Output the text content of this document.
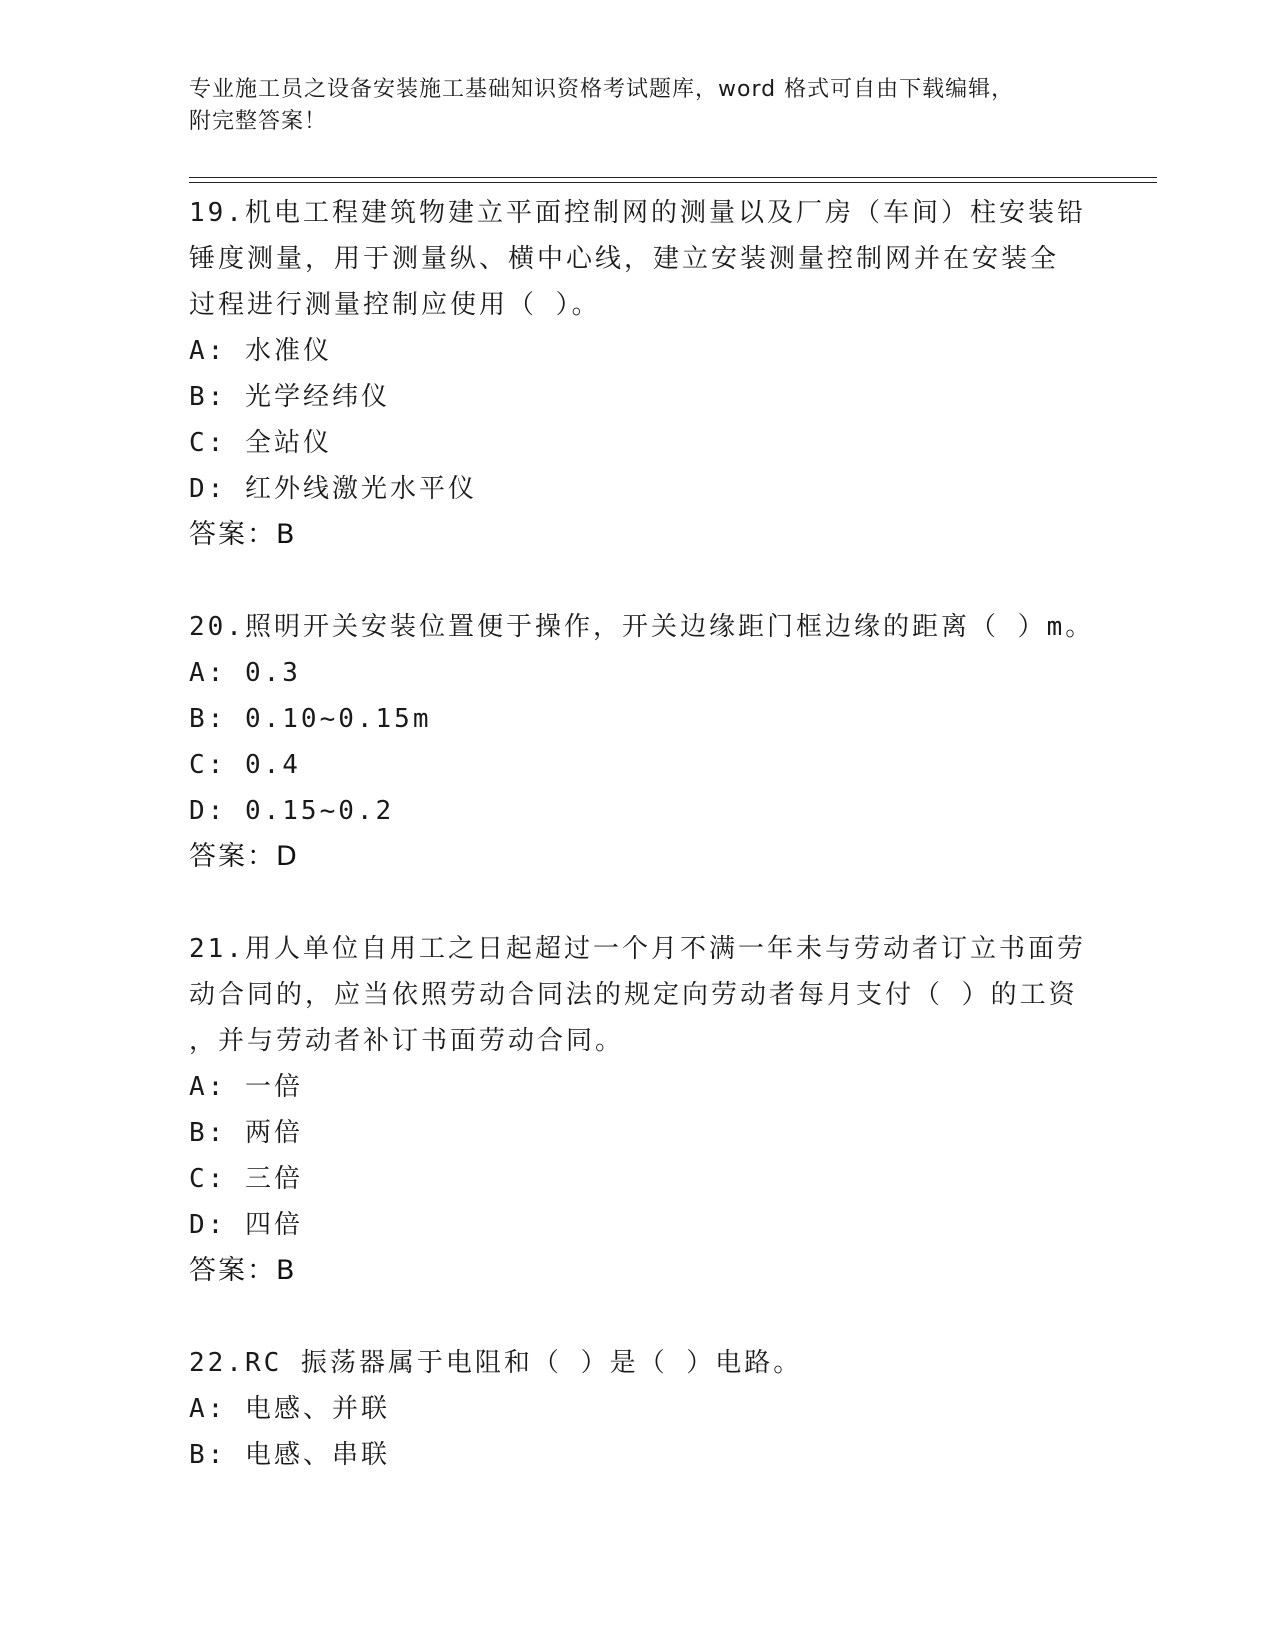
专业施工员之设备安装施工基础知识资格考试题库，word 格式可自由下载编辑，
附完整答案！
19.机电工程建筑物建立平面控制网的测量以及厂房（车间）柱安装铅
锤度测量，用于测量纵、横中心线，建立安装测量控制网并在安装全
过程进行测量控制应使用（ ）。
A: 水准仪
B: 光学经纬仪
C: 全站仪
D: 红外线激光水平仪
答案：B
20.照明开关安装位置便于操作，开关边缘距门框边缘的距离（ ）m。
A: 0.3
B: 0.10~0.15m
C: 0.4
D: 0.15~0.2
答案：D
21.用人单位自用工之日起超过一个月不满一年未与劳动者订立书面劳
动合同的，应当依照劳动合同法的规定向劳动者每月支付（ ）的工资
，并与劳动者补订书面劳动合同。
A: 一倍
B: 两倍
C: 三倍
D: 四倍
答案：B
22.RC 振荡器属于电阻和（ ）是（ ）电路。
A: 电感、并联
B: 电感、串联
